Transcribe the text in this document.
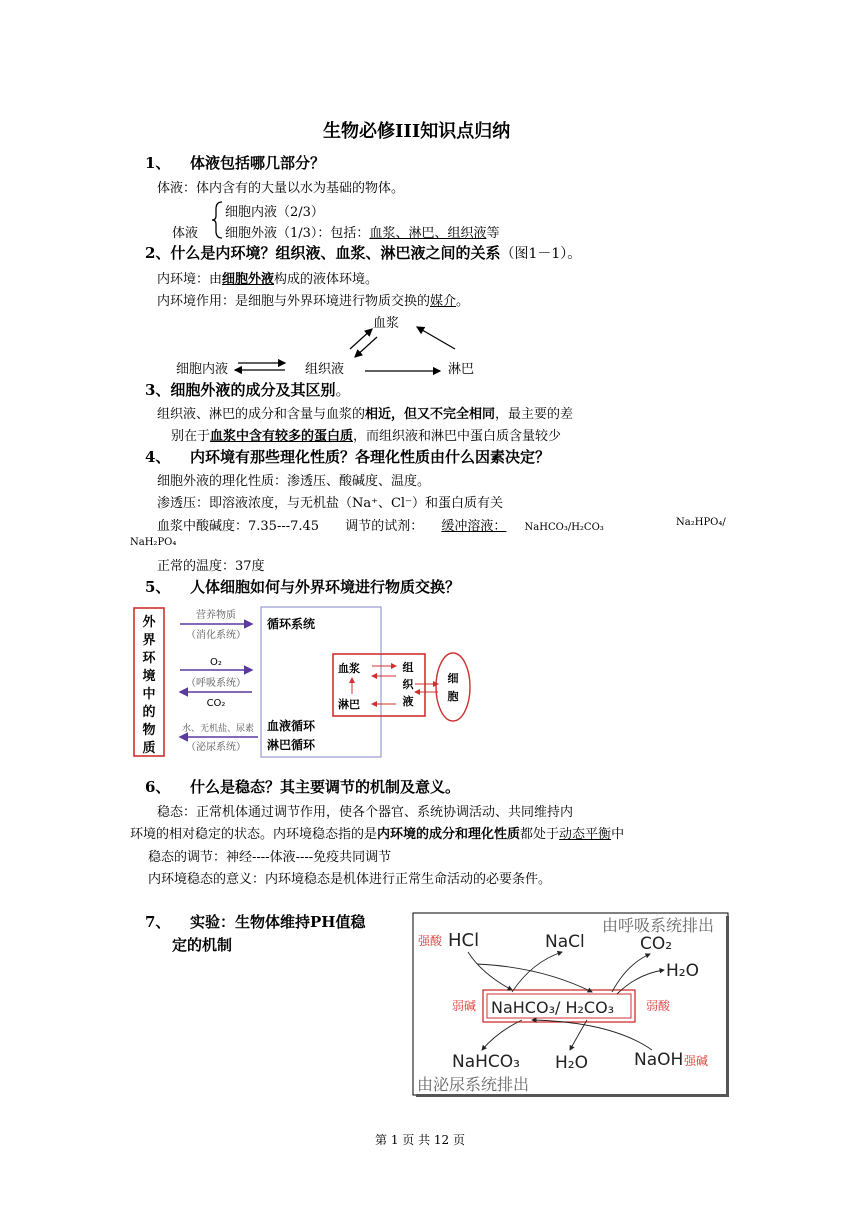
生物必修III知识点归纳
1、 体液包括哪几部分？
体液：体内含有的大量以水为基础的物体。
体液
细胞内液（2/3）
细胞外液（1/3）：包括：血浆、淋巴、组织液等
2、什么是内环境？组织液、血浆、淋巴液之间的关系（图1－1）。
内环境：由细胞外液构成的液体环境。
内环境作用：是细胞与外界环境进行物质交换的媒介。
血浆
细胞内液	组织液	淋巴
3、细胞外液的成分及其区别。
组织液、淋巴的成分和含量与血浆的相近，但又不完全相同，最主要的差
别在于血浆中含有较多的蛋白质，而组织液和淋巴中蛋白质含量较少
4、 内环境有那些理化性质？各理化性质由什么因素决定？
细胞外液的理化性质：渗透压、酸碱度、温度。
渗透压：即溶液浓度，与无机盐（Na⁺、Cl⁻）和蛋白质有关
血浆中酸碱度：7.35---7.45 调节的试剂： 缓冲溶液： NaHCO₃/H₂CO₃	Na₂HPO₄/
NaH₂PO₄
正常的温度：37度
5、 人体细胞如何与外界环境进行物质交换？
外
界
环
境
中
的
物
质
营养物质
（消化系统）
O₂
（呼吸系统）
CO₂
水、无机盐、尿素
（泌尿系统）
循环系统
血浆
淋巴
组
织
液
细
胞
血液循环
淋巴循环
6、 什么是稳态？其主要调节的机制及意义。
稳态：正常机体通过调节作用，使各个器官、系统协调活动、共同维持内
环境的相对稳定的状态。内环境稳态指的是内环境的成分和理化性质都处于动态平衡中
稳态的调节：神经----体液----免疫共同调节
内环境稳态的意义：内环境稳态是机体进行正常生命活动的必要条件。
7、 实验：生物体维持PH值稳
定的机制
由呼吸系统排出
强酸 HCl	NaCl	CO₂
H₂O
弱碱 NaHCO₃/ H₂CO₃	弱酸
NaHCO₃ H₂O	NaOH 强碱
由泌尿系统排出
第 1 页 共 12 页
